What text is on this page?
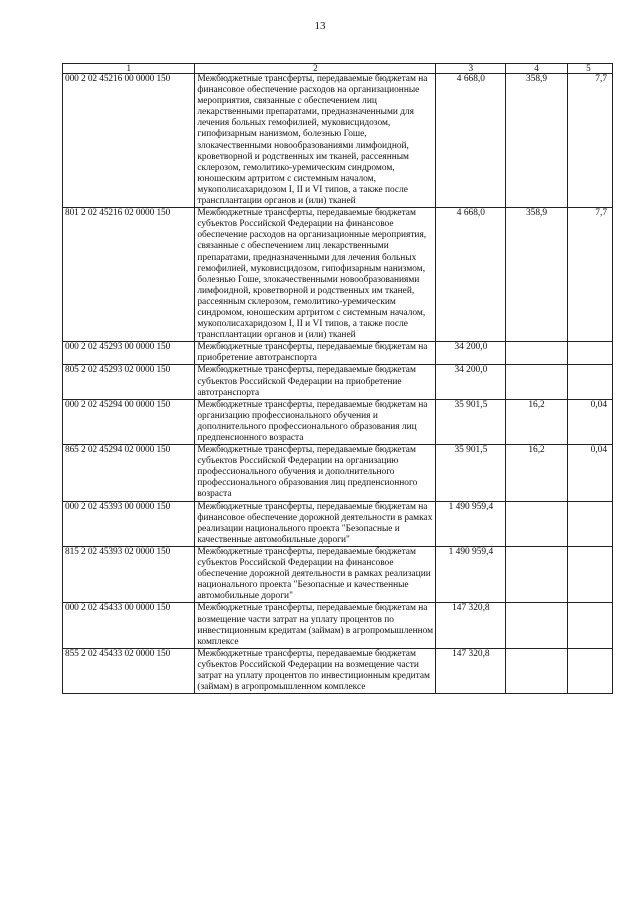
13
1	2	3	4	5
000 2 02 45216 00 0000 150	Межбюджетные трансферты, передаваемые бюджетам на финансовое обеспечение расходов на организационные мероприятия, связанные с обеспечением лиц лекарственными препаратами, предназначенными для лечения больных гемофилией, муковисцидозом, гипофизарным нанизмом, болезнью Гоше, злокачественными новообразованиями лимфоидной, кроветворной и родственных им тканей, рассеянным склерозом, гемолитико-уремическим синдромом, юношеским артритом с системным началом, мукополисахаридозом I, II и VI типов, а также после трансплантации органов и (или) тканей	4 668,0	358,9	7,7
801 2 02 45216 02 0000 150	Межбюджетные трансферты, передаваемые бюджетам субъектов Российской Федерации на финансовое обеспечение расходов на организационные мероприятия, связанные с обеспечением лиц лекарственными препаратами, предназначенными для лечения больных гемофилией, муковисцидозом, гипофизарным нанизмом, болезнью Гоше, злокачественными новообразованиями лимфоидной, кроветворной и родственных им тканей, рассеянным склерозом, гемолитико-уремическим синдромом, юношеским артритом с системным началом, мукополисахаридозом I, II и VI типов, а также после трансплантации органов и (или) тканей	4 668,0	358,9	7,7
000 2 02 45293 00 0000 150	Межбюджетные трансферты, передаваемые бюджетам на приобретение автотранспорта	34 200,0		
805 2 02 45293 02 0000 150	Межбюджетные трансферты, передаваемые бюджетам субъектов Российской Федерации на приобретение автотранспорта	34 200,0		
000 2 02 45294 00 0000 150	Межбюджетные трансферты, передаваемые бюджетам на организацию профессионального обучения и дополнительного профессионального образования лиц предпенсионного возраста	35 901,5	16,2	0,04
865 2 02 45294 02 0000 150	Межбюджетные трансферты, передаваемые бюджетам субъектов Российской Федерации на организацию профессионального обучения и дополнительного профессионального образования лиц предпенсионного возраста	35 901,5	16,2	0,04
000 2 02 45393 00 0000 150	Межбюджетные трансферты, передаваемые бюджетам на финансовое обеспечение дорожной деятельности в рамках реализации национального проекта "Безопасные и качественные автомобильные дороги"	1 490 959,4		
815 2 02 45393 02 0000 150	Межбюджетные трансферты, передаваемые бюджетам субъектов Российской Федерации на финансовое обеспечение дорожной деятельности в рамках реализации национального проекта "Безопасные и качественные автомобильные дороги"	1 490 959,4		
000 2 02 45433 00 0000 150	Межбюджетные трансферты, передаваемые бюджетам на возмещение части затрат на уплату процентов по инвестиционным кредитам (займам) в агропромышленном комплексе	147 320,8		
855 2 02 45433 02 0000 150	Межбюджетные трансферты, передаваемые бюджетам субъектов Российской Федерации на возмещение части затрат на уплату процентов по инвестиционным кредитам (займам) в агропромышленном комплексе	147 320,8		
